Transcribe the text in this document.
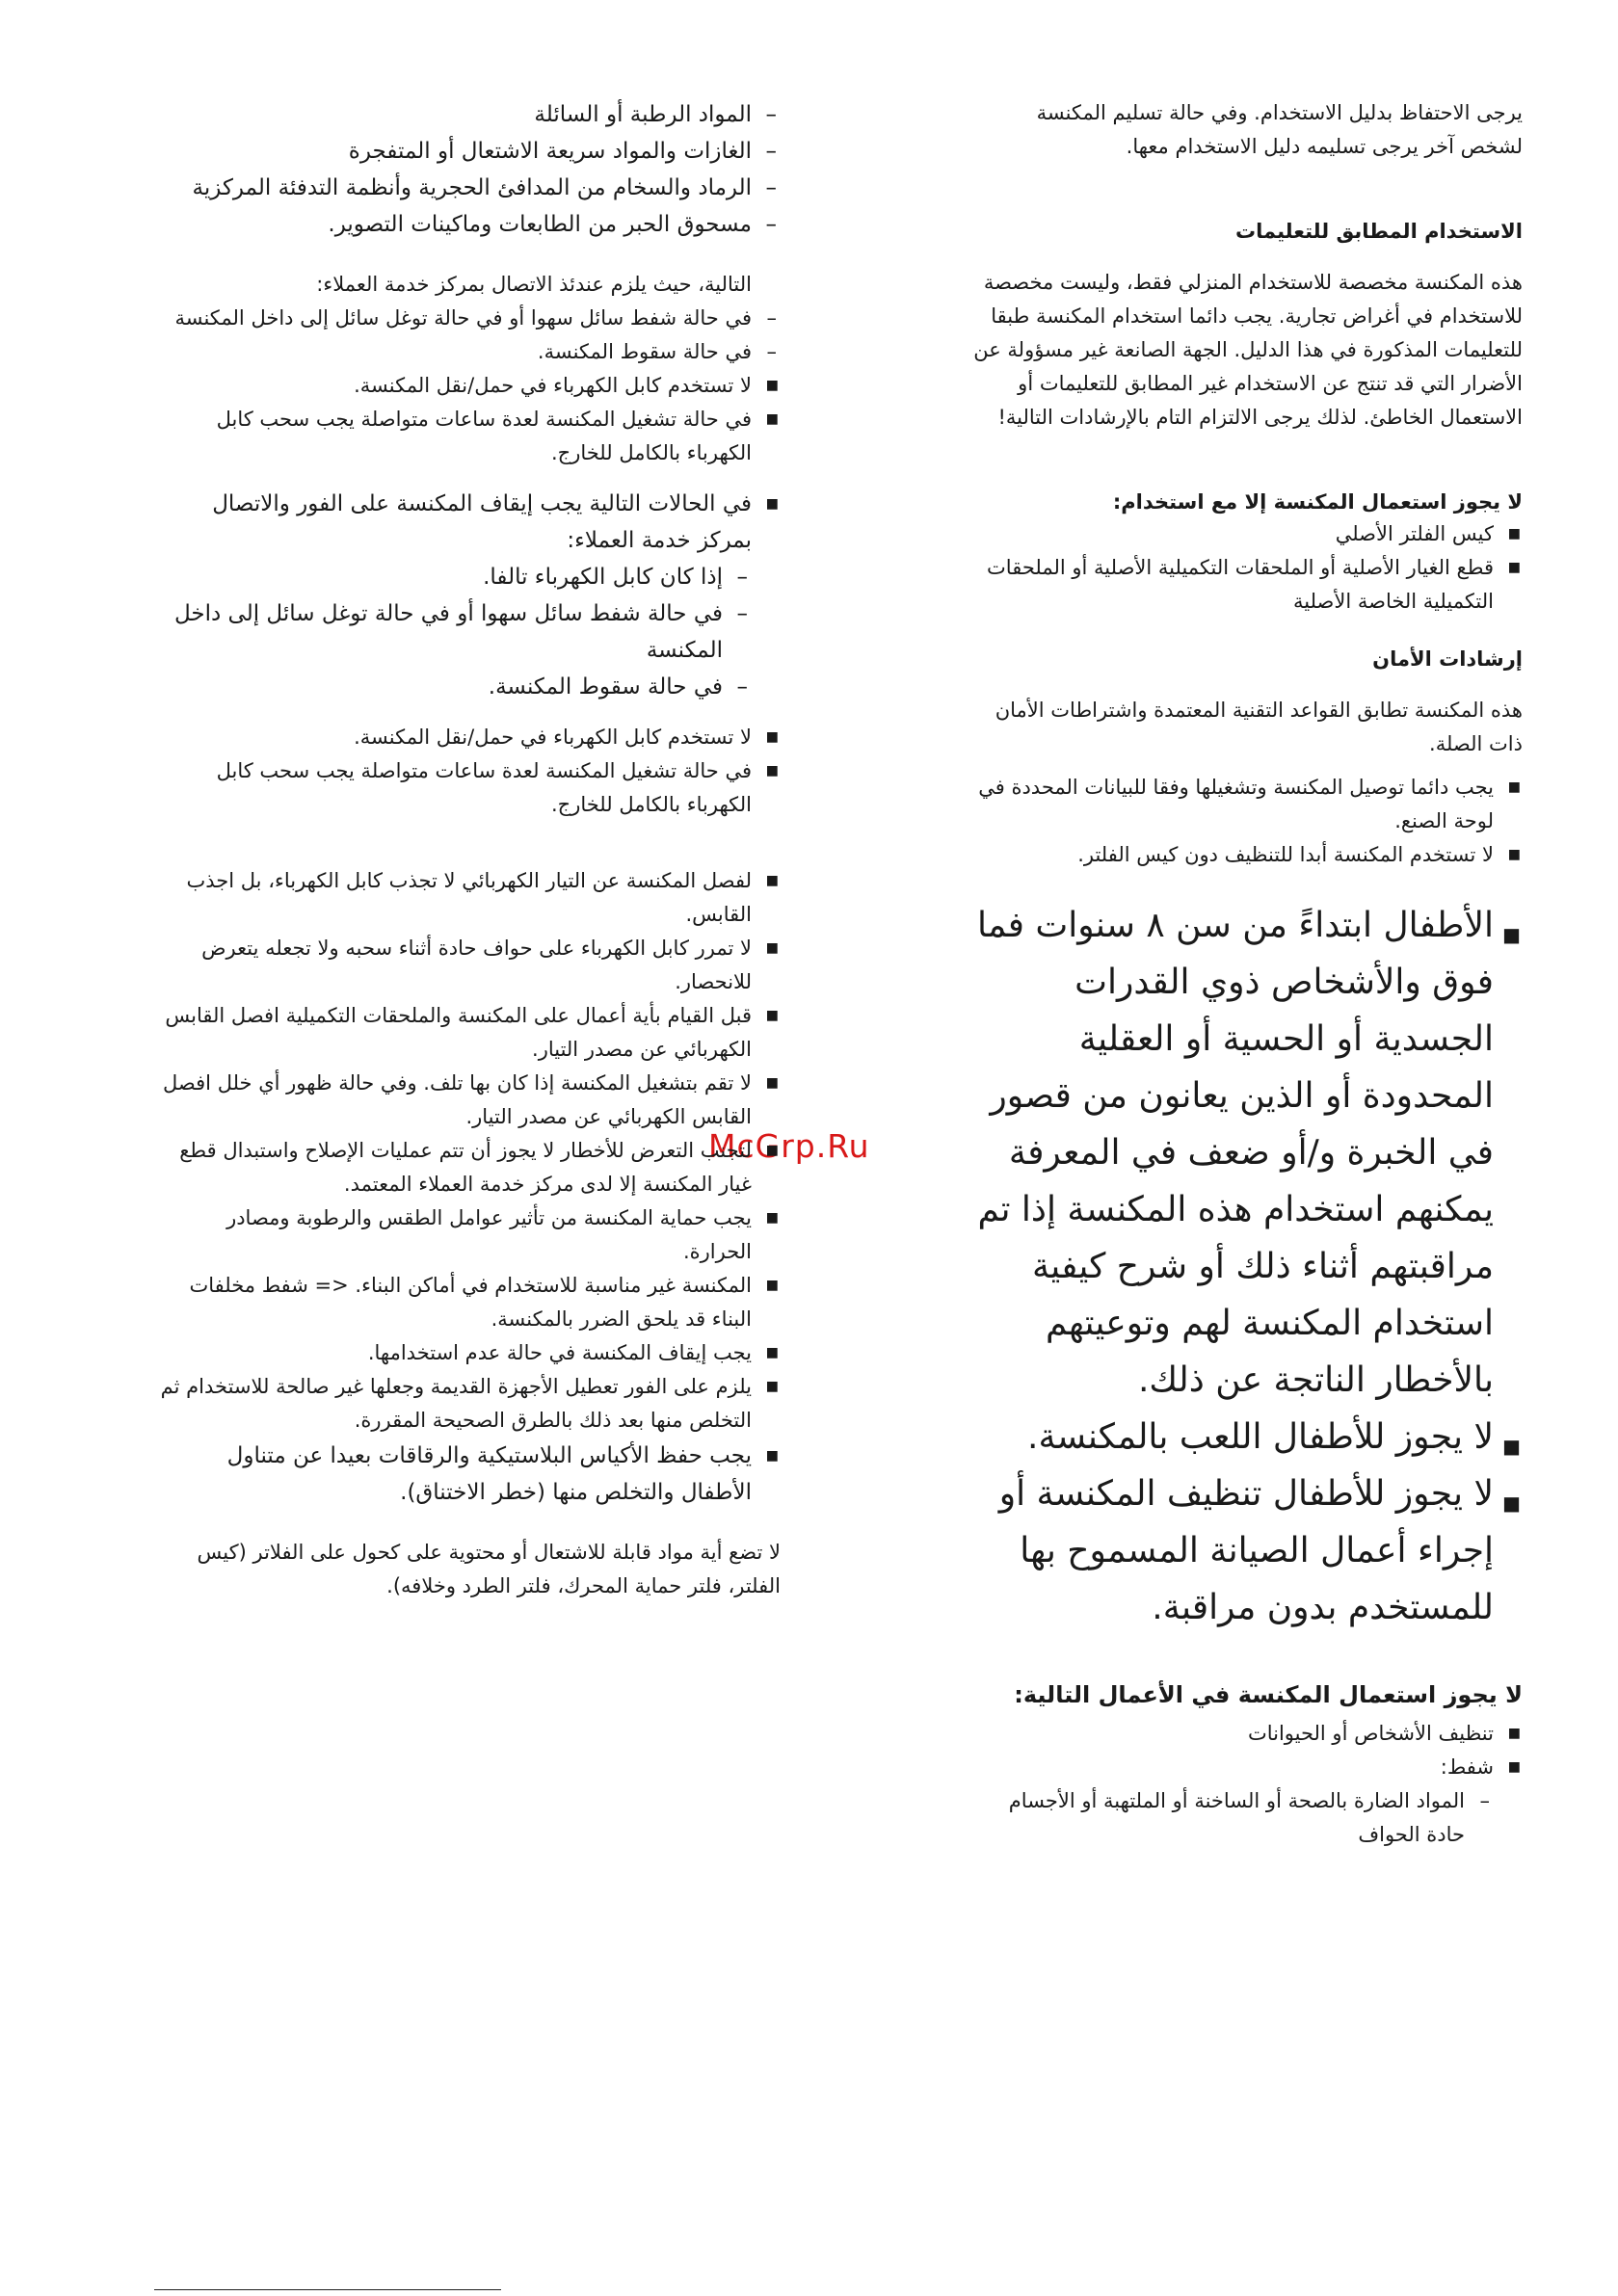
McGrp.Ru

يرجى الاحتفاظ بدليل الاستخدام. وفي حالة تسليم المكنسة لشخص آخر يرجى تسليمه دليل الاستخدام معها.

الاستخدام المطابق للتعليمات

هذه المكنسة مخصصة للاستخدام المنزلي فقط، وليست مخصصة للاستخدام في أغراض تجارية. يجب دائما استخدام المكنسة طبقا للتعليمات المذكورة في هذا الدليل. الجهة الصانعة غير مسؤولة عن الأضرار التي قد تنتج عن الاستخدام غير المطابق للتعليمات أو الاستعمال الخاطئ. لذلك يرجى الالتزام التام بالإرشادات التالية!

لا يجوز استعمال المكنسة إلا مع استخدام:

■ كيس الفلتر الأصلي
■ قطع الغيار الأصلية أو الملحقات التكميلية الأصلية أو الملحقات التكميلية الخاصة الأصلية

إرشادات الأمان

هذه المكنسة تطابق القواعد التقنية المعتمدة واشتراطات الأمان ذات الصلة.

■ يجب دائما توصيل المكنسة وتشغيلها وفقا للبيانات المحددة في لوحة الصنع.
■ لا تستخدم المكنسة أبدا للتنظيف دون كيس الفلتر.
■ الأطفال ابتداءً من سن ٨ سنوات فما فوق والأشخاص ذوي القدرات الجسدية أو الحسية أو العقلية المحدودة أو الذين يعانون من قصور في الخبرة و/أو ضعف في المعرفة يمكنهم استخدام هذه المكنسة إذا تم مراقبتهم أثناء ذلك أو شرح كيفية استخدام المكنسة لهم وتوعيتهم بالأخطار الناتجة عن ذلك.
■ لا يجوز للأطفال اللعب بالمكنسة.
■ لا يجوز للأطفال تنظيف المكنسة أو إجراء أعمال الصيانة المسموح بها للمستخدم بدون مراقبة.

لا يجوز استعمال المكنسة في الأعمال التالية:

■ تنظيف الأشخاص أو الحيوانات
■ شفط:
– المواد الضارة بالصحة أو الساخنة أو الملتهبة أو الأجسام حادة الحواف
– المواد الرطبة أو السائلة
– الغازات والمواد سريعة الاشتعال أو المتفجرة
– الرماد والسخام من المدافئ الحجرية وأنظمة التدفئة المركزية
– مسحوق الحبر من الطابعات وماكينات التصوير.

التالية، حيث يلزم عندئذ الاتصال بمركز خدمة العملاء:

– في حالة شفط سائل سهوا أو في حالة توغل سائل إلى داخل المكنسة
– في حالة سقوط المكنسة.
■ لا تستخدم كابل الكهرباء في حمل/نقل المكنسة.
■ في حالة تشغيل المكنسة لعدة ساعات متواصلة يجب سحب كابل الكهرباء بالكامل للخارج.
■ في الحالات التالية يجب إيقاف المكنسة على الفور والاتصال بمركز خدمة العملاء:
– إذا كان كابل الكهرباء تالفا.
– في حالة شفط سائل سهوا أو في حالة توغل سائل إلى داخل المكنسة
– في حالة سقوط المكنسة.
■ لا تستخدم كابل الكهرباء في حمل/نقل المكنسة.
■ في حالة تشغيل المكنسة لعدة ساعات متواصلة يجب سحب كابل الكهرباء بالكامل للخارج.
■ لفصل المكنسة عن التيار الكهربائي لا تجذب كابل الكهرباء، بل اجذب القابس.
■ لا تمرر كابل الكهرباء على حواف حادة أثناء سحبه ولا تجعله يتعرض للانحصار.
■ قبل القيام بأية أعمال على المكنسة والملحقات التكميلية افصل القابس الكهربائي عن مصدر التيار.
■ لا تقم بتشغيل المكنسة إذا كان بها تلف. وفي حالة ظهور أي خلل افصل القابس الكهربائي عن مصدر التيار.
■ لتجنب التعرض للأخطار لا يجوز أن تتم عمليات الإصلاح واستبدال قطع غيار المكنسة إلا لدى مركز خدمة العملاء المعتمد.
■ يجب حماية المكنسة من تأثير عوامل الطقس والرطوبة ومصادر الحرارة.
■ المكنسة غير مناسبة للاستخدام في أماكن البناء. <= شفط مخلفات البناء قد يلحق الضرر بالمكنسة.
■ يجب إيقاف المكنسة في حالة عدم استخدامها.
■ يلزم على الفور تعطيل الأجهزة القديمة وجعلها غير صالحة للاستخدام ثم التخلص منها بعد ذلك بالطرق الصحيحة المقررة.
■ يجب حفظ الأكياس البلاستيكية والرقاقات بعيدا عن متناول الأطفال والتخلص منها (خطر الاختناق).

لا تضع أية مواد قابلة للاشتعال أو محتوية على كحول على الفلاتر (كيس الفلتر، فلتر حماية المحرك، فلتر الطرد وخلافه).
